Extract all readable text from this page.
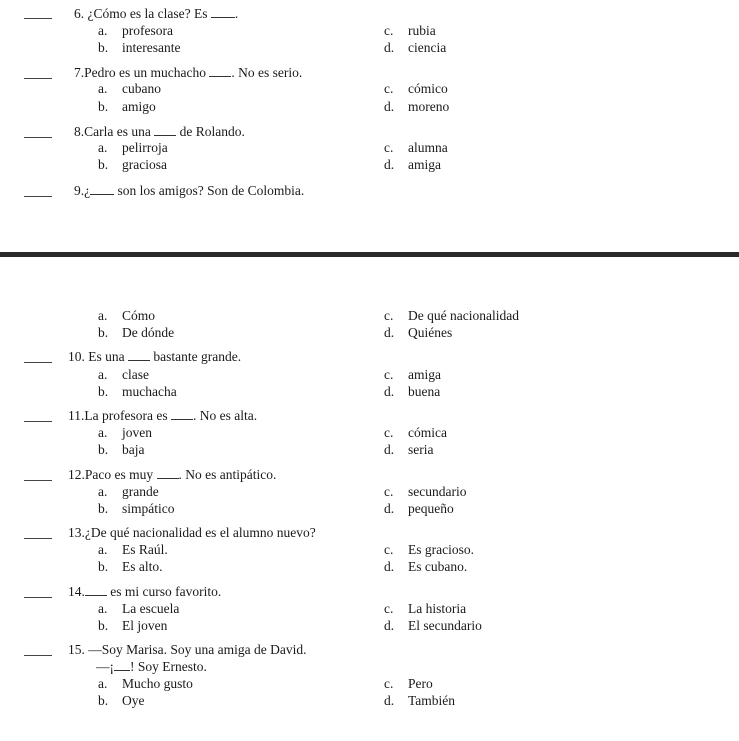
6. ¿Cómo es la clase? Es .
a. profesora
b. interesante
c. rubia
d. ciencia
7.Pedro es un muchacho . No es serio.
a. cubano
b. amigo
c. cómico
d. moreno
8.Carla es una  de Rolando.
a. pelirroja
b. graciosa
c. alumna
d. amiga
9.¿ son los amigos? Son de Colombia.
a. Cómo
b. De dónde
c. De qué nacionalidad
d. Quiénes
10. Es una  bastante grande.
a. clase
b. muchacha
c. amiga
d. buena
11.La profesora es . No es alta.
a. joven
b. baja
c. cómica
d. seria
12.Paco es muy . No es antipático.
a. grande
b. simpático
c. secundario
d. pequeño
13.¿De qué nacionalidad es el alumno nuevo?
a. Es Raúl.
b. Es alto.
c. Es gracioso.
d. Es cubano.
14. es mi curso favorito.
a. La escuela
b. El joven
c. La historia
d. El secundario
15. —Soy Marisa. Soy una amiga de David.
—¡ ! Soy Ernesto.
a. Mucho gusto
b. Oye
c. Pero
d. También
